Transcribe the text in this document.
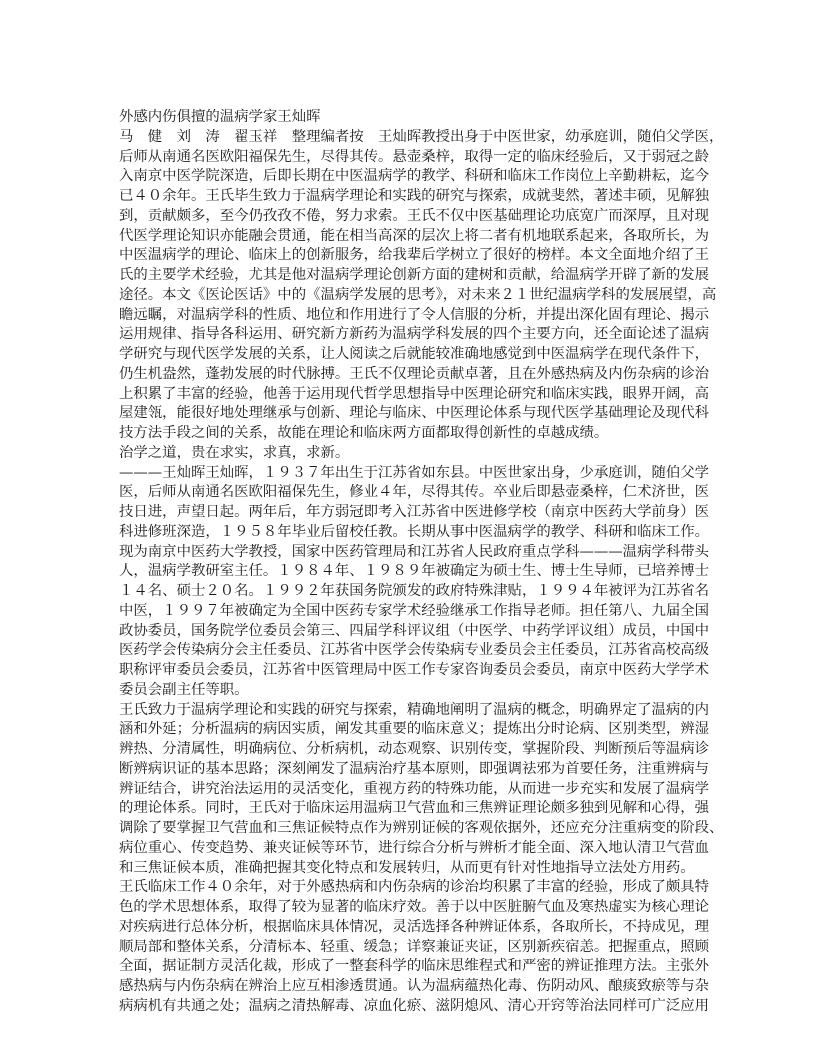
外感内伤俱擅的温病学家王灿晖
马　健　刘　涛　翟玉祥　整理编者按　王灿晖教授出身于中医世家，幼承庭训，随伯父学医，
后师从南通名医欧阳福保先生，尽得其传。悬壶桑梓，取得一定的临床经验后，又于弱冠之龄
入南京中医学院深造，后即长期在中医温病学的教学、科研和临床工作岗位上辛勤耕耘，迄今
已４０余年。王氏毕生致力于温病学理论和实践的研究与探索，成就斐然，著述丰硕，见解独
到，贡献颇多，至今仍孜孜不倦，努力求索。王氏不仅中医基础理论功底宽广而深厚，且对现
代医学理论知识亦能融会贯通，能在相当高深的层次上将二者有机地联系起来，各取所长，为
中医温病学的理论、临床上的创新服务，给我辈后学树立了很好的榜样。本文全面地介绍了王
氏的主要学术经验，尤其是他对温病学理论创新方面的建树和贡献，给温病学开辟了新的发展
途径。本文《医论医话》中的《温病学发展的思考》，对未来２１世纪温病学科的发展展望，高
瞻远瞩，对温病学科的性质、地位和作用进行了令人信服的分析，并提出深化固有理论、揭示
运用规律、指导各科运用、研究新方新药为温病学科发展的四个主要方向，还全面论述了温病
学研究与现代医学发展的关系，让人阅读之后就能较准确地感觉到中医温病学在现代条件下，
仍生机盎然，蓬勃发展的时代脉搏。王氏不仅理论贡献卓著，且在外感热病及内伤杂病的诊治
上积累了丰富的经验，他善于运用现代哲学思想指导中医理论研究和临床实践，眼界开阔，高
屋建瓴，能很好地处理继承与创新、理论与临床、中医理论体系与现代医学基础理论及现代科
技方法手段之间的关系，故能在理论和临床两方面都取得创新性的卓越成绩。
治学之道，贵在求实，求真，求新。
———王灿晖王灿晖，１９３７年出生于江苏省如东县。中医世家出身，少承庭训，随伯父学
医，后师从南通名医欧阳福保先生，修业４年，尽得其传。卒业后即悬壶桑梓，仁术济世，医
技日进，声望日起。两年后，年方弱冠即考入江苏省中医进修学校（南京中医药大学前身）医
科进修班深造，１９５８年毕业后留校任教。长期从事中医温病学的教学、科研和临床工作。
现为南京中医药大学教授，国家中医药管理局和江苏省人民政府重点学科———温病学科带头
人，温病学教研室主任。１９８４年、１９８９年被确定为硕士生、博士生导师，已培养博士
１４名、硕士２０名。１９９２年获国务院颁发的政府特殊津贴，１９９４年被评为江苏省名
中医，１９９７年被确定为全国中医药专家学术经验继承工作指导老师。担任第八、九届全国
政协委员，国务院学位委员会第三、四届学科评议组（中医学、中药学评议组）成员，中国中
医药学会传染病分会主任委员、江苏省中医学会传染病专业委员会主任委员，江苏省高校高级
职称评审委员会委员，江苏省中医管理局中医工作专家咨询委员会委员，南京中医药大学学术
委员会副主任等职。
王氏致力于温病学理论和实践的研究与探索，精确地阐明了温病的概念，明确界定了温病的内
涵和外延；分析温病的病因实质，阐发其重要的临床意义；提炼出分时论病、区别类型，辨湿
辨热、分清属性，明确病位、分析病机，动态观察、识别传变，掌握阶段、判断预后等温病诊
断辨病识证的基本思路；深刻阐发了温病治疗基本原则，即强调祛邪为首要任务，注重辨病与
辨证结合，讲究治法运用的灵活变化，重视方药的特殊功能，从而进一步充实和发展了温病学
的理论体系。同时，王氏对于临床运用温病卫气营血和三焦辨证理论颇多独到见解和心得，强
调除了要掌握卫气营血和三焦证候特点作为辨别证候的客观依据外，还应充分注重病变的阶段、
病位重心、传变趋势、兼夹证候等环节，进行综合分析与辨析才能全面、深入地认清卫气营血
和三焦证候本质，准确把握其变化特点和发展转归，从而更有针对性地指导立法处方用药。
王氏临床工作４０余年，对于外感热病和内伤杂病的诊治均积累了丰富的经验，形成了颇具特
色的学术思想体系，取得了较为显著的临床疗效。善于以中医脏腑气血及寒热虚实为核心理论
对疾病进行总体分析，根据临床具体情况，灵活选择各种辨证体系，各取所长，不持成见，理
顺局部和整体关系，分清标本、轻重、缓急；详察兼证夹证，区别新疾宿恙。把握重点，照顾
全面，据证制方灵活化裁，形成了一整套科学的临床思维程式和严密的辨证推理方法。主张外
感热病与内伤杂病在辨治上应互相渗透贯通。认为温病蕴热化毒、伤阴动风、酿痰致瘀等与杂
病病机有共通之处；温病之清热解毒、凉血化瘀、滋阴熄风、清心开窍等治法同样可广泛应用
